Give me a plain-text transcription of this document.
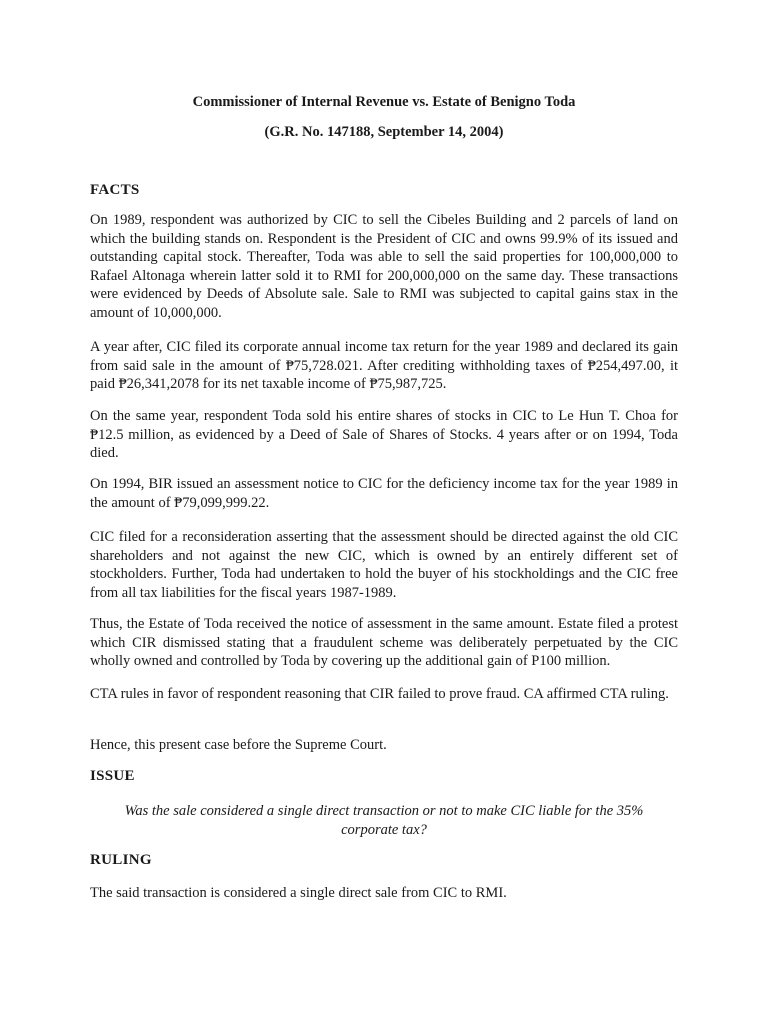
Commissioner of Internal Revenue vs. Estate of Benigno Toda

(G.R. No. 147188, September 14, 2004)

FACTS

On 1989, respondent was authorized by CIC to sell the Cibeles Building and 2 parcels of land on which the building stands on. Respondent is the President of CIC and owns 99.9% of its issued and outstanding capital stock. Thereafter, Toda was able to sell the said properties for 100,000,000 to Rafael Altonaga wherein latter sold it to RMI for 200,000,000 on the same day. These transactions were evidenced by Deeds of Absolute sale. Sale to RMI was subjected to capital gains stax in the amount of 10,000,000.

A year after, CIC filed its corporate annual income tax return for the year 1989 and declared its gain from said sale in the amount of ₱75,728.021. After crediting withholding taxes of ₱254,497.00, it paid ₱26,341,2078 for its net taxable income of ₱75,987,725.

On the same year, respondent Toda sold his entire shares of stocks in CIC to Le Hun T. Choa for ₱12.5 million, as evidenced by a Deed of Sale of Shares of Stocks. 4 years after or on 1994, Toda died.

On 1994, BIR issued an assessment notice to CIC for the deficiency income tax for the year 1989 in the amount of ₱79,099,999.22.

CIC filed for a reconsideration asserting that the assessment should be directed against the old CIC shareholders and not against the new CIC, which is owned by an entirely different set of stockholders. Further, Toda had undertaken to hold the buyer of his stockholdings and the CIC free from all tax liabilities for the fiscal years 1987-1989.

Thus, the Estate of Toda received the notice of assessment in the same amount. Estate filed a protest which CIR dismissed stating that a fraudulent scheme was deliberately perpetuated by the CIC wholly owned and controlled by Toda by covering up the additional gain of P100 million.

CTA rules in favor of respondent reasoning that CIR failed to prove fraud. CA affirmed CTA ruling.

Hence, this present case before the Supreme Court.

ISSUE

Was the sale considered a single direct transaction or not to make CIC liable for the 35% corporate tax?

RULING

The said transaction is considered a single direct sale from CIC to RMI.
